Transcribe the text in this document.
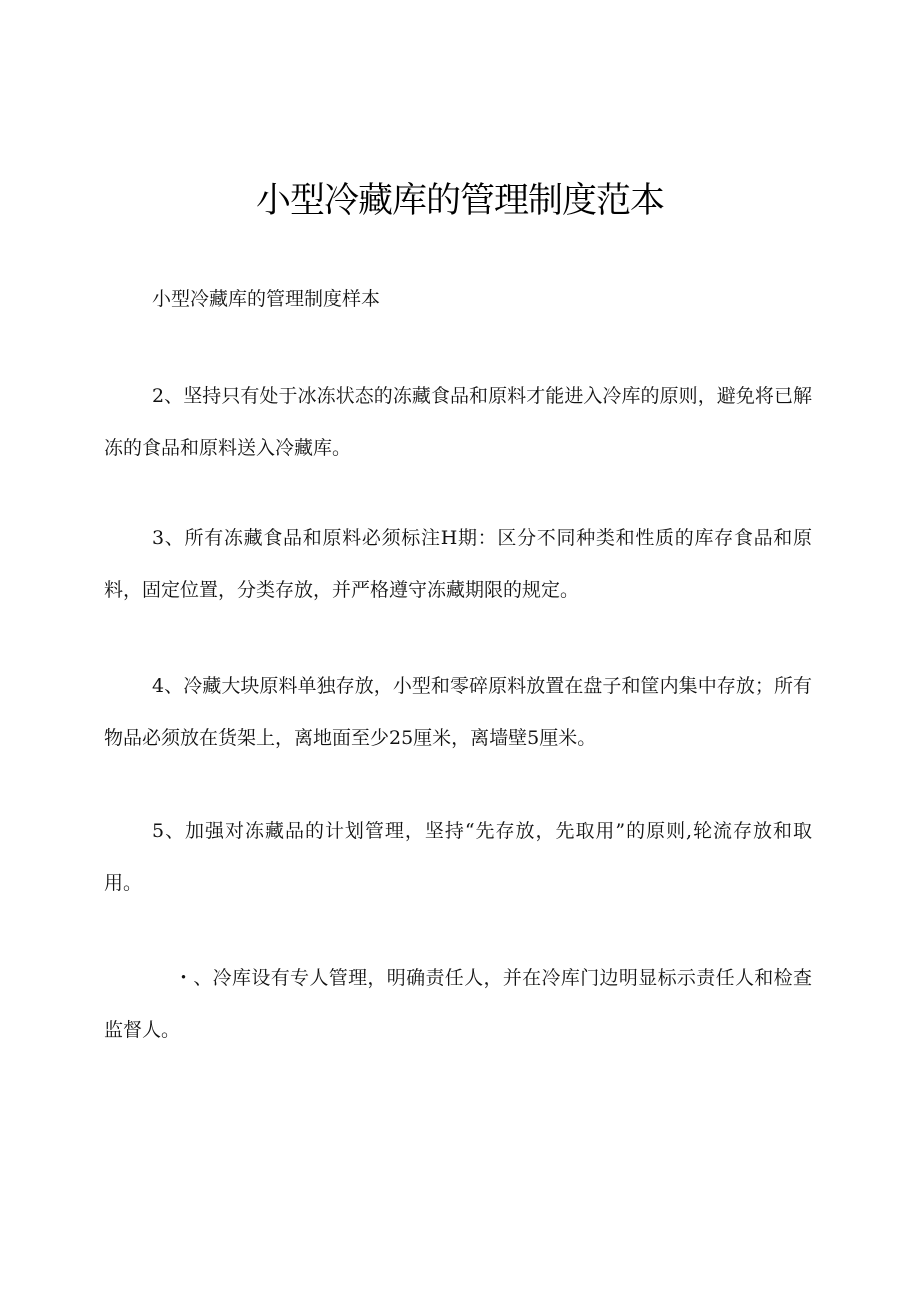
小型冷藏库的管理制度范本

小型冷藏库的管理制度样本

2、坚持只有处于冰冻状态的冻藏食品和原料才能进入冷库的原则，避免将已解冻的食品和原料送入冷藏库。

3、所有冻藏食品和原料必须标注H期：区分不同种类和性质的库存食品和原料，固定位置，分类存放，并严格遵守冻藏期限的规定。

4、冷藏大块原料单独存放，小型和零碎原料放置在盘子和筐内集中存放；所有物品必须放在货架上，离地面至少25厘米，离墙壁5厘米。

5、加强对冻藏品的计划管理，坚持“先存放，先取用”的原则,轮流存放和取用。

・、冷库设有专人管理，明确责任人，并在冷库门边明显标示责任人和检查监督人。
